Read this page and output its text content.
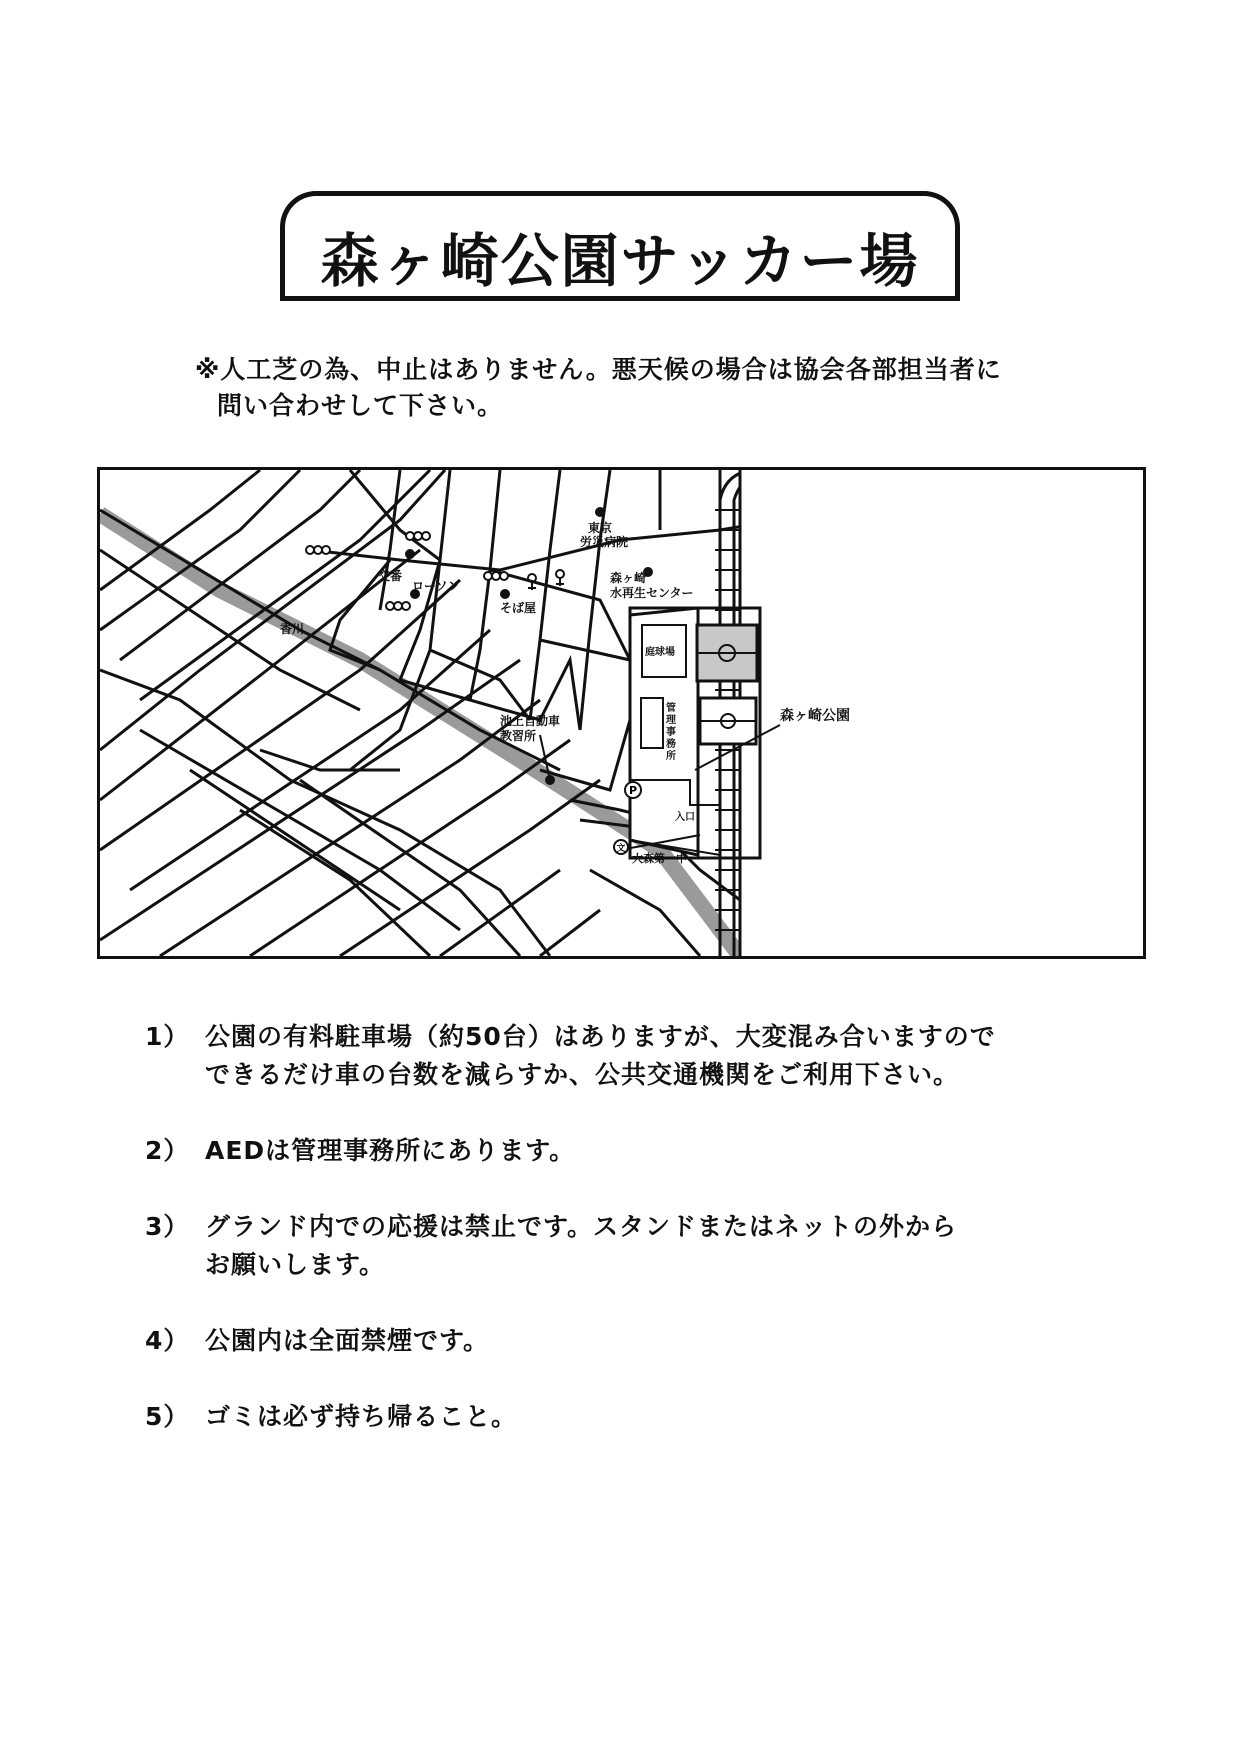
森ヶ崎公園サッカー場
※人工芝の為、中止はありません。悪天候の場合は協会各部担当者に
問い合わせして下さい。
P
文
交番
ローソン
そば屋
香川
東京
労災病院
森ヶ崎
水再生センター
庭球場
管
理
事
務
所
池上自動車
教習所
森ヶ崎公園
入口
大森第一中
1） 公園の有料駐車場（約50台）はありますが、大変混み合いますので
できるだけ車の台数を減らすか、公共交通機関をご利用下さい。
2） AEDは管理事務所にあります。
3） グランド内での応援は禁止です。スタンドまたはネットの外から
お願いします。
4） 公園内は全面禁煙です。
5） ゴミは必ず持ち帰ること。
